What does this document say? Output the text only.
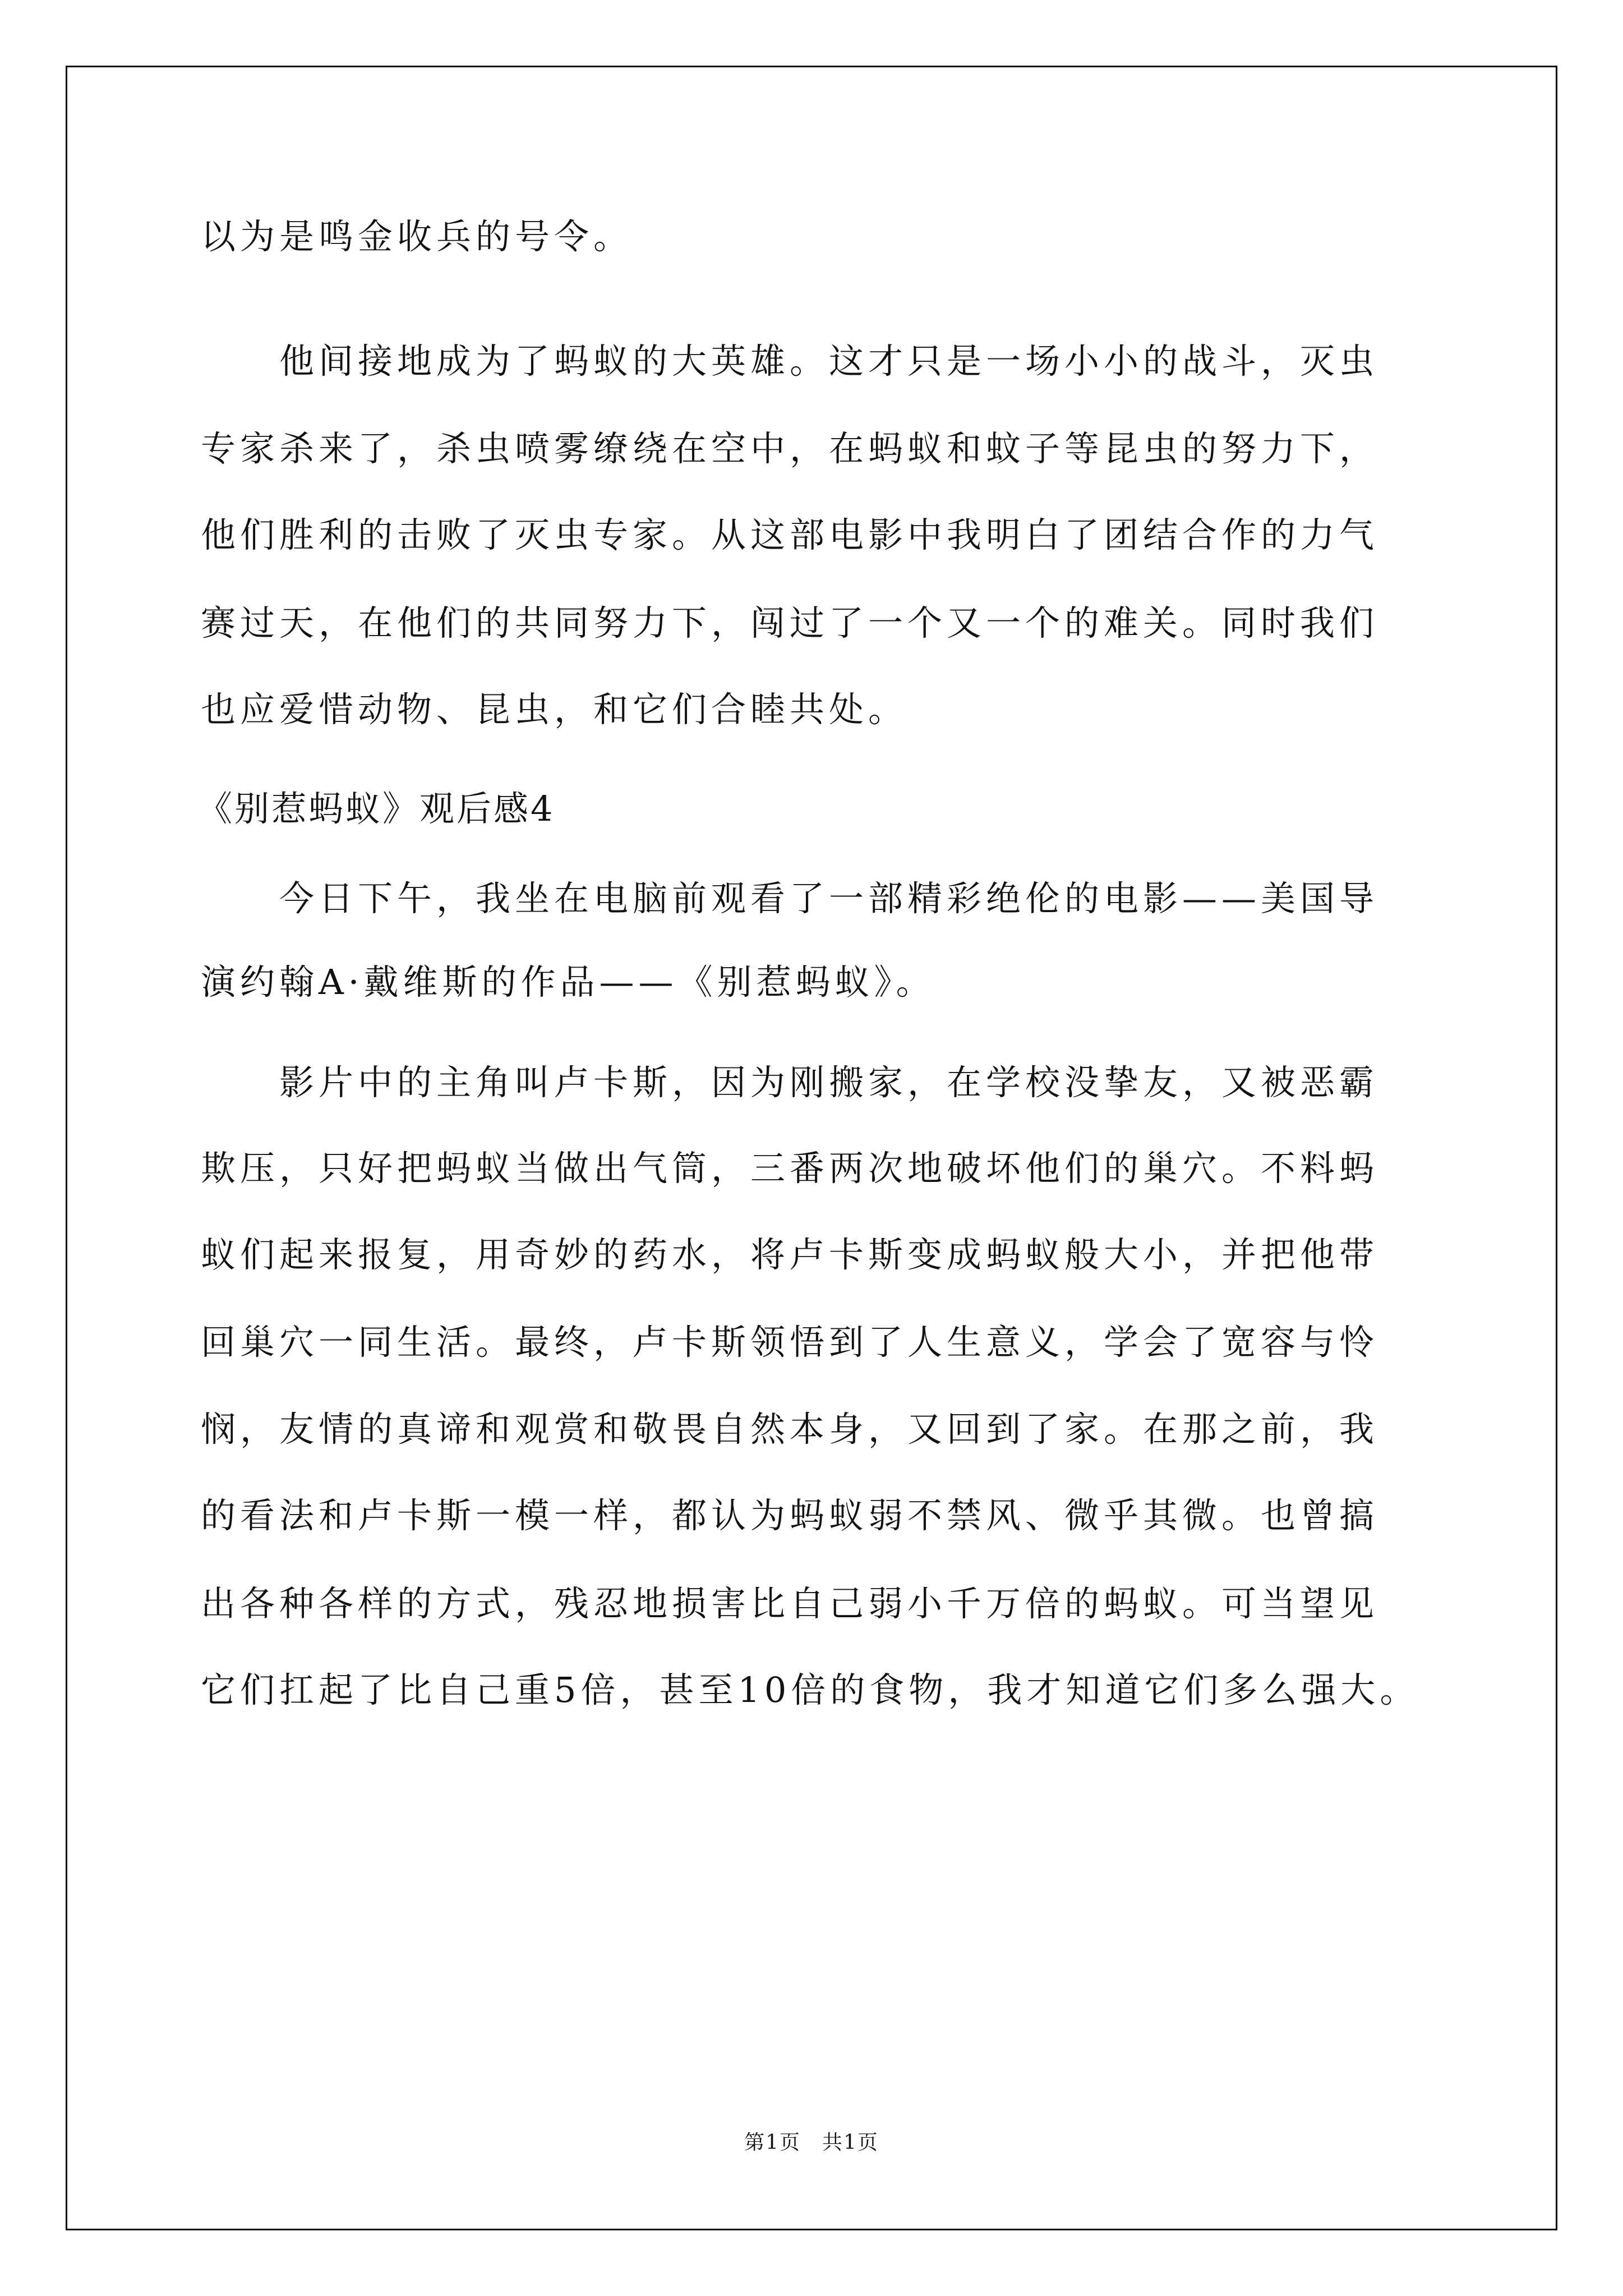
以为是鸣金收兵的号令。
　　他间接地成为了蚂蚁的大英雄。这才只是一场小小的战斗，灭虫
专家杀来了，杀虫喷雾缭绕在空中，在蚂蚁和蚊子等昆虫的努力下，
他们胜利的击败了灭虫专家。从这部电影中我明白了团结合作的力气
赛过天，在他们的共同努力下，闯过了一个又一个的难关。同时我们
也应爱惜动物、昆虫，和它们合睦共处。
《别惹蚂蚁》观后感4
　　今日下午，我坐在电脑前观看了一部精彩绝伦的电影——美国导
演约翰A·戴维斯的作品——《别惹蚂蚁》。
　　影片中的主角叫卢卡斯，因为刚搬家，在学校没挚友，又被恶霸
欺压，只好把蚂蚁当做出气筒，三番两次地破坏他们的巢穴。不料蚂
蚁们起来报复，用奇妙的药水，将卢卡斯变成蚂蚁般大小，并把他带
回巢穴一同生活。最终，卢卡斯领悟到了人生意义，学会了宽容与怜
悯，友情的真谛和观赏和敬畏自然本身，又回到了家。在那之前，我
的看法和卢卡斯一模一样，都认为蚂蚁弱不禁风、微乎其微。也曾搞
出各种各样的方式，残忍地损害比自己弱小千万倍的蚂蚁。可当望见
它们扛起了比自己重5倍，甚至10倍的食物，我才知道它们多么强大。
第1页　共1页
